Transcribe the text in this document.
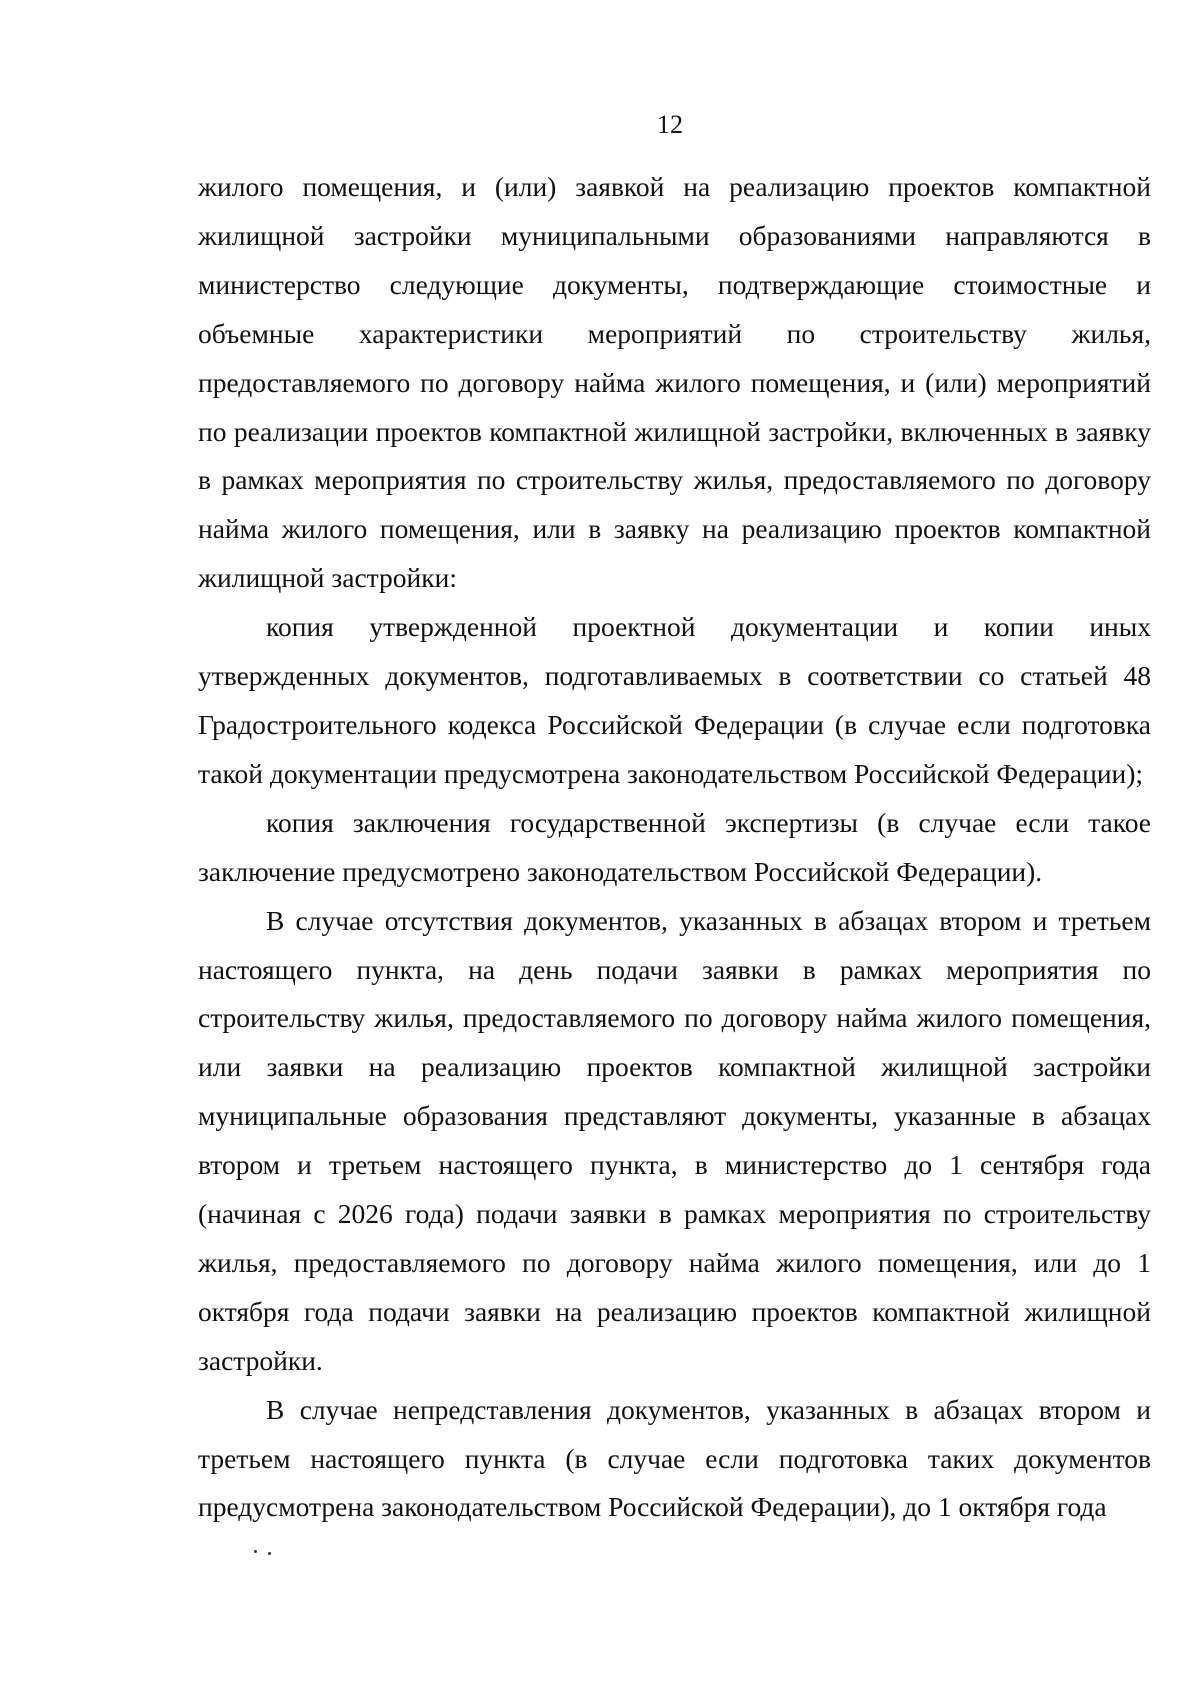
12

жилого помещения, и (или) заявкой на реализацию проектов компактной жилищной застройки муниципальными образованиями направляются в министерство следующие документы, подтверждающие стоимостные и объемные характеристики мероприятий по строительству жилья, предоставляемого по договору найма жилого помещения, и (или) мероприятий по реализации проектов компактной жилищной застройки, включенных в заявку в рамках мероприятия по строительству жилья, предоставляемого по договору найма жилого помещения, или в заявку на реализацию проектов компактной жилищной застройки:

копия утвержденной проектной документации и копии иных утвержденных документов, подготавливаемых в соответствии со статьей 48 Градостроительного кодекса Российской Федерации (в случае если подготовка такой документации предусмотрена законодательством Российской Федерации);

копия заключения государственной экспертизы (в случае если такое заключение предусмотрено законодательством Российской Федерации).

В случае отсутствия документов, указанных в абзацах втором и третьем настоящего пункта, на день подачи заявки в рамках мероприятия по строительству жилья, предоставляемого по договору найма жилого помещения, или заявки на реализацию проектов компактной жилищной застройки муниципальные образования представляют документы, указанные в абзацах втором и третьем настоящего пункта, в министерство до 1 сентября года (начиная с 2026 года) подачи заявки в рамках мероприятия по строительству жилья, предоставляемого по договору найма жилого помещения, или до 1 октября года подачи заявки на реализацию проектов компактной жилищной застройки.

В случае непредставления документов, указанных в абзацах втором и третьем настоящего пункта (в случае если подготовка таких документов предусмотрена законодательством Российской Федерации), до 1 октября года
